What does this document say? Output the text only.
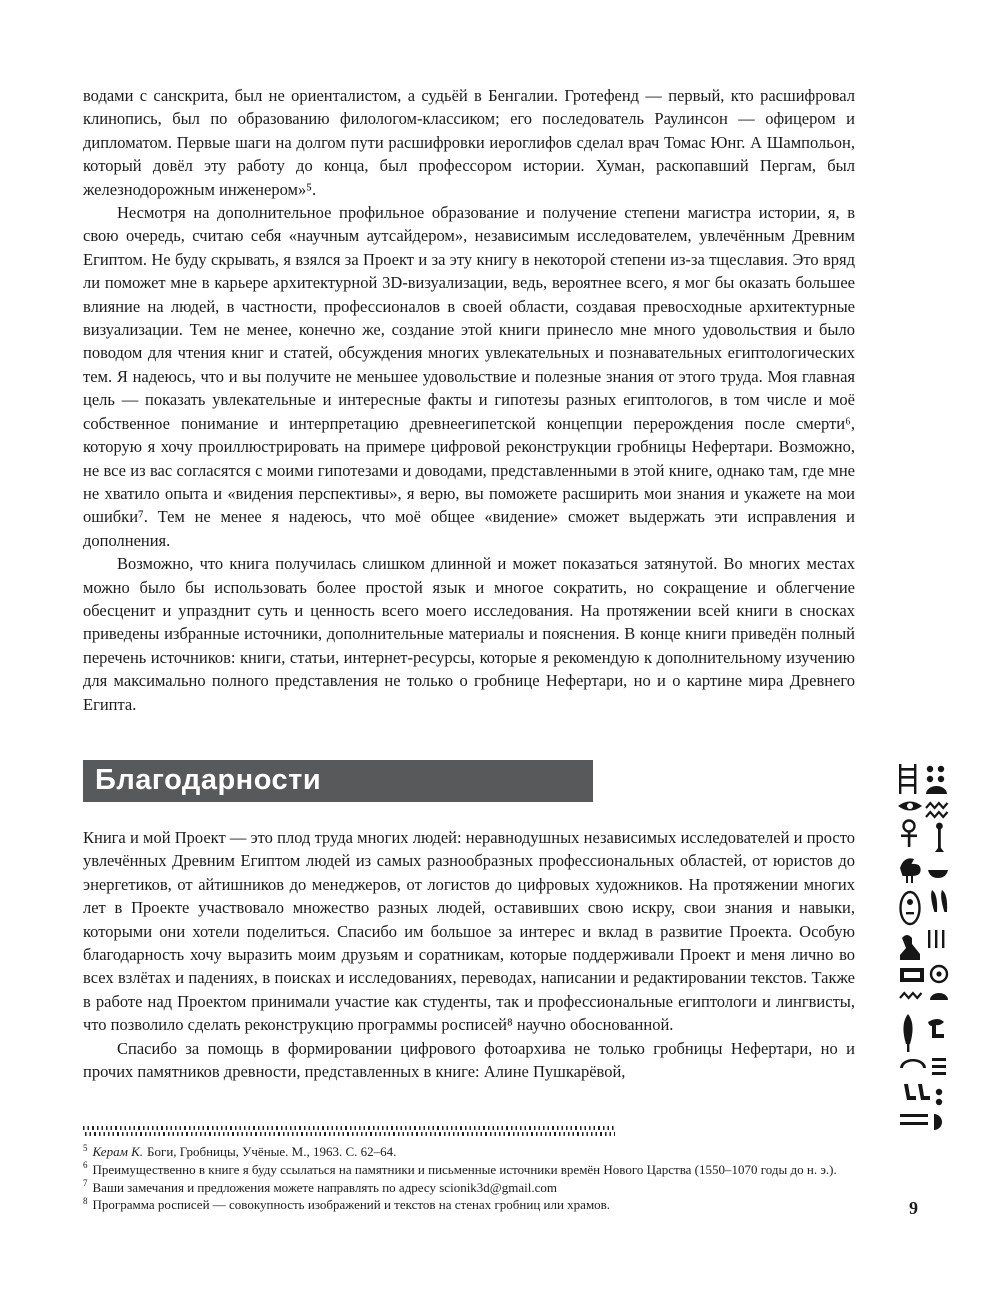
водами с санскрита, был не ориенталистом, а судьёй в Бенгалии. Гротефенд — первый, кто расшифровал клинопись, был по образованию филологом-классиком; его последователь Раулинсон — офицером и дипломатом. Первые шаги на долгом пути расшифровки иероглифов сделал врач Томас Юнг. А Шампольон, который довёл эту работу до конца, был профессором истории. Хуман, раскопавший Пергам, был железнодорожным инженером»⁵.

Несмотря на дополнительное профильное образование и получение степени магистра истории, я, в свою очередь, считаю себя «научным аутсайдером», независимым исследователем, увлечённым Древним Египтом. Не буду скрывать, я взялся за Проект и за эту книгу в некоторой степени из-за тщеславия. Это вряд ли поможет мне в карьере архитектурной 3D-визуализации, ведь, вероятнее всего, я мог бы оказать большее влияние на людей, в частности, профессионалов в своей области, создавая превосходные архитектурные визуализации. Тем не менее, конечно же, создание этой книги принесло мне много удовольствия и было поводом для чтения книг и статей, обсуждения многих увлекательных и познавательных египтологических тем. Я надеюсь, что и вы получите не меньшее удовольствие и полезные знания от этого труда. Моя главная цель — показать увлекательные и интересные факты и гипотезы разных египтологов, в том числе и моё собственное понимание и интерпретацию древнеегипетской концепции перерождения после смерти⁶, которую я хочу проиллюстрировать на примере цифровой реконструкции гробницы Нефертари. Возможно, не все из вас согласятся с моими гипотезами и доводами, представленными в этой книге, однако там, где мне не хватило опыта и «видения перспективы», я верю, вы поможете расширить мои знания и укажете на мои ошибки⁷. Тем не менее я надеюсь, что моё общее «видение» сможет выдержать эти исправления и дополнения.

Возможно, что книга получилась слишком длинной и может показаться затянутой. Во многих местах можно было бы использовать более простой язык и многое сократить, но сокращение и облегчение обесценит и упразднит суть и ценность всего моего исследования. На протяжении всей книги в сносках приведены избранные источники, дополнительные материалы и пояснения. В конце книги приведён полный перечень источников: книги, статьи, интернет-ресурсы, которые я рекомендую к дополнительному изучению для максимально полного представления не только о гробнице Нефертари, но и о картине мира Древнего Египта.

Благодарности

Книга и мой Проект — это плод труда многих людей: неравнодушных независимых исследователей и просто увлечённых Древним Египтом людей из самых разнообразных профессиональных областей, от юристов до энергетиков, от айтишников до менеджеров, от логистов до цифровых художников. На протяжении многих лет в Проекте участвовало множество разных людей, оставивших свою искру, свои знания и навыки, которыми они хотели поделиться. Спасибо им большое за интерес и вклад в развитие Проекта. Особую благодарность хочу выразить моим друзьям и соратникам, которые поддерживали Проект и меня лично во всех взлётах и падениях, в поисках и исследованиях, переводах, написании и редактировании текстов. Также в работе над Проектом принимали участие как студенты, так и профессиональные египтологи и лингвисты, что позволило сделать реконструкцию программы росписей⁸ научно обоснованной.

Спасибо за помощь в формировании цифрового фотоархива не только гробницы Нефертари, но и прочих памятников древности, представленных в книге: Алине Пушкарёвой,

$^5$ Керам К. Боги, Гробницы, Учёные. М., 1963. С. 62–64.

$^6$ Преимущественно в книге я буду ссылаться на памятники и письменные источники времён Нового Царства (1550–1070 годы до н. э.).

$^7$ Ваши замечания и предложения можете направлять по адресу scionik3d@gmail.com

$^8$ Программа росписей — совокупность изображений и текстов на стенах гробниц или храмов.	9
